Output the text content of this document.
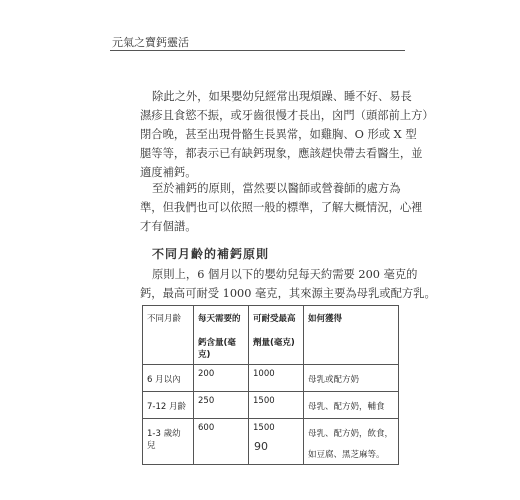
元氣之寶鈣靈活
除此之外，如果嬰幼兒經常出現煩躁、睡不好、易長
濕疹且食慾不振，或牙齒很慢才長出，囟門（頭部前上方）
閉合晚，甚至出現骨骼生長異常，如雞胸、O 形或 X 型
腿等等，都表示已有缺鈣現象，應該趕快帶去看醫生，並
適度補鈣。
至於補鈣的原則，當然要以醫師或營養師的處方為
準，但我們也可以依照一般的標準，了解大概情況，心裡
才有個譜。
不同月齡的補鈣原則
原則上，6 個月以下的嬰幼兒每天約需要 200 毫克的
鈣，最高可耐受 1000 毫克，其來源主要為母乳或配方乳。
不同月齡	每天需要的	可耐受最高	如何獲得
	鈣含量(毫克)	劑量(毫克)	
6 月以內	200	1000	母乳或配方奶
7-12 月齡	250	1500	母乳、配方奶，輔食
1-3 歲幼兒	600	1500	母乳、配方奶，飲食，
如豆腐、黑芝麻等。
90
